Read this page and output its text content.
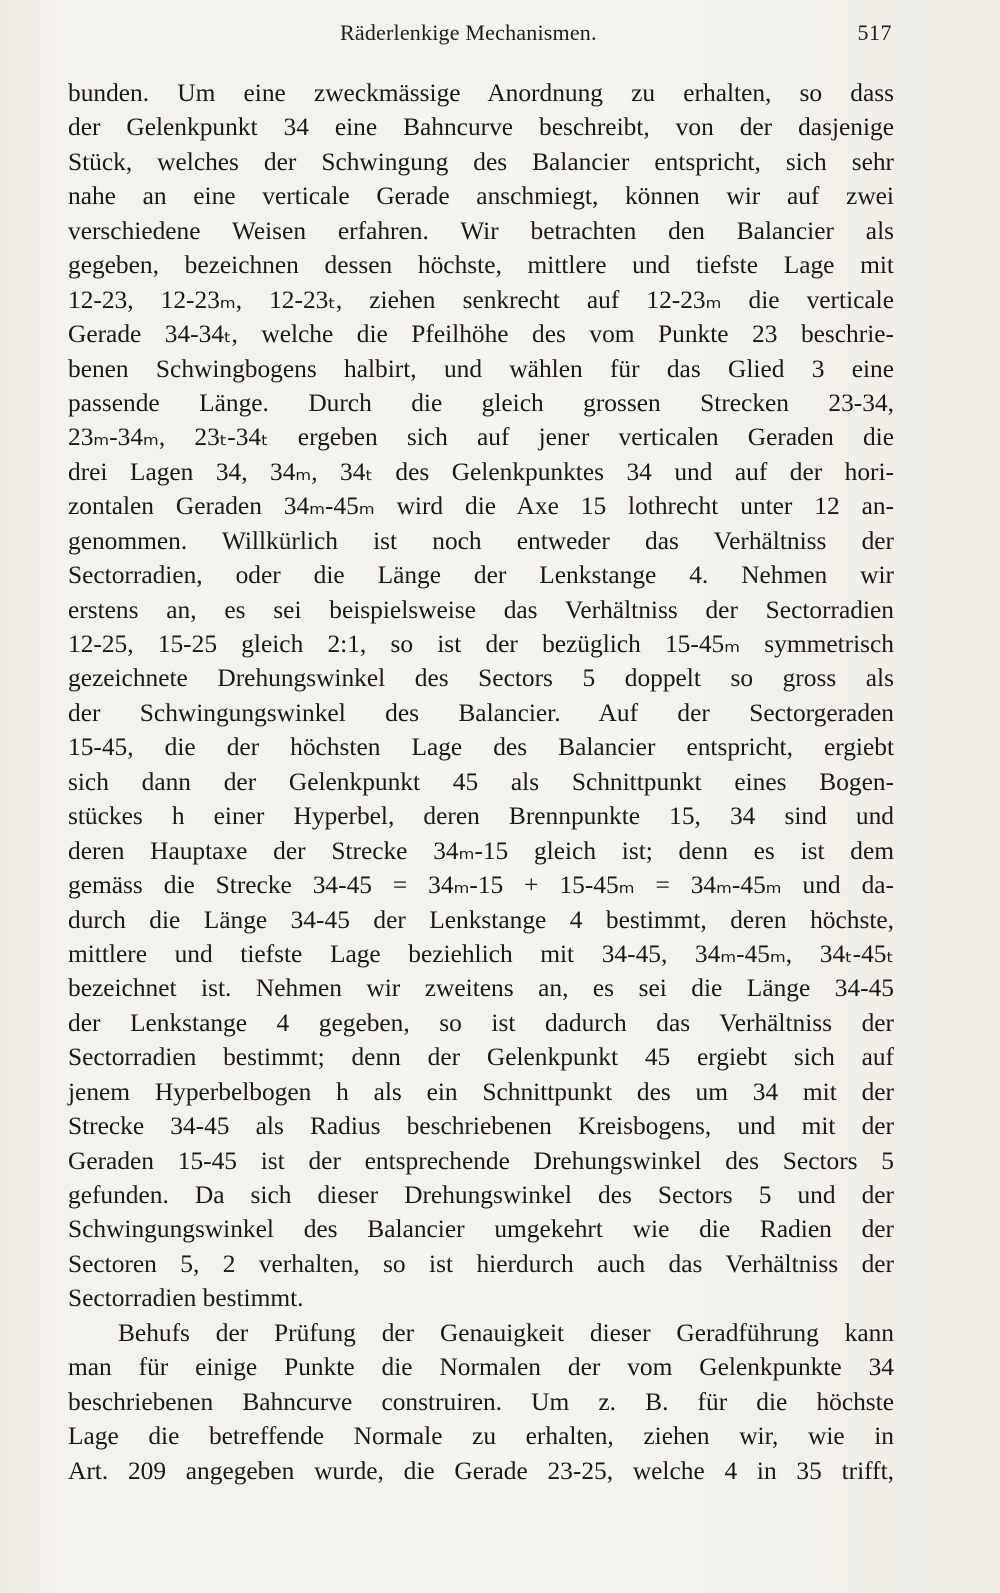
Räderlenkige Mechanismen.	517
bunden. Um eine zweckmässige Anordnung zu erhalten, so dass
der Gelenkpunkt 34 eine Bahncurve beschreibt, von der dasjenige
Stück, welches der Schwingung des Balancier entspricht, sich sehr
nahe an eine verticale Gerade anschmiegt, können wir auf zwei
verschiedene Weisen erfahren. Wir betrachten den Balancier als
gegeben, bezeichnen dessen höchste, mittlere und tiefste Lage mit
12-23, 12-23ₘ, 12-23ₜ, ziehen senkrecht auf 12-23ₘ die verticale
Gerade 34-34ₜ, welche die Pfeilhöhe des vom Punkte 23 beschrie-
benen Schwingbogens halbirt, und wählen für das Glied 3 eine
passende Länge. Durch die gleich grossen Strecken 23-34,
23ₘ-34ₘ, 23ₜ-34ₜ ergeben sich auf jener verticalen Geraden die
drei Lagen 34, 34ₘ, 34ₜ des Gelenkpunktes 34 und auf der hori-
zontalen Geraden 34ₘ-45ₘ wird die Axe 15 lothrecht unter 12 an-
genommen. Willkürlich ist noch entweder das Verhältniss der
Sectorradien, oder die Länge der Lenkstange 4. Nehmen wir
erstens an, es sei beispielsweise das Verhältniss der Sectorradien
12-25, 15-25 gleich 2:1, so ist der bezüglich 15-45ₘ symmetrisch
gezeichnete Drehungswinkel des Sectors 5 doppelt so gross als
der Schwingungswinkel des Balancier. Auf der Sectorgeraden
15-45, die der höchsten Lage des Balancier entspricht, ergiebt
sich dann der Gelenkpunkt 45 als Schnittpunkt eines Bogen-
stückes h einer Hyperbel, deren Brennpunkte 15, 34 sind und
deren Hauptaxe der Strecke 34ₘ-15 gleich ist; denn es ist dem
gemäss die Strecke 34-45 = 34ₘ-15 + 15-45ₘ = 34ₘ-45ₘ und da-
durch die Länge 34-45 der Lenkstange 4 bestimmt, deren höchste,
mittlere und tiefste Lage beziehlich mit 34-45, 34ₘ-45ₘ, 34ₜ-45ₜ
bezeichnet ist. Nehmen wir zweitens an, es sei die Länge 34-45
der Lenkstange 4 gegeben, so ist dadurch das Verhältniss der
Sectorradien bestimmt; denn der Gelenkpunkt 45 ergiebt sich auf
jenem Hyperbelbogen h als ein Schnittpunkt des um 34 mit der
Strecke 34-45 als Radius beschriebenen Kreisbogens, und mit der
Geraden 15-45 ist der entsprechende Drehungswinkel des Sectors 5
gefunden. Da sich dieser Drehungswinkel des Sectors 5 und der
Schwingungswinkel des Balancier umgekehrt wie die Radien der
Sectoren 5, 2 verhalten, so ist hierdurch auch das Verhältniss der
Sectorradien bestimmt.
Behufs der Prüfung der Genauigkeit dieser Geradführung kann
man für einige Punkte die Normalen der vom Gelenkpunkte 34
beschriebenen Bahncurve construiren. Um z. B. für die höchste
Lage die betreffende Normale zu erhalten, ziehen wir, wie in
Art. 209 angegeben wurde, die Gerade 23-25, welche 4 in 35 trifft,
